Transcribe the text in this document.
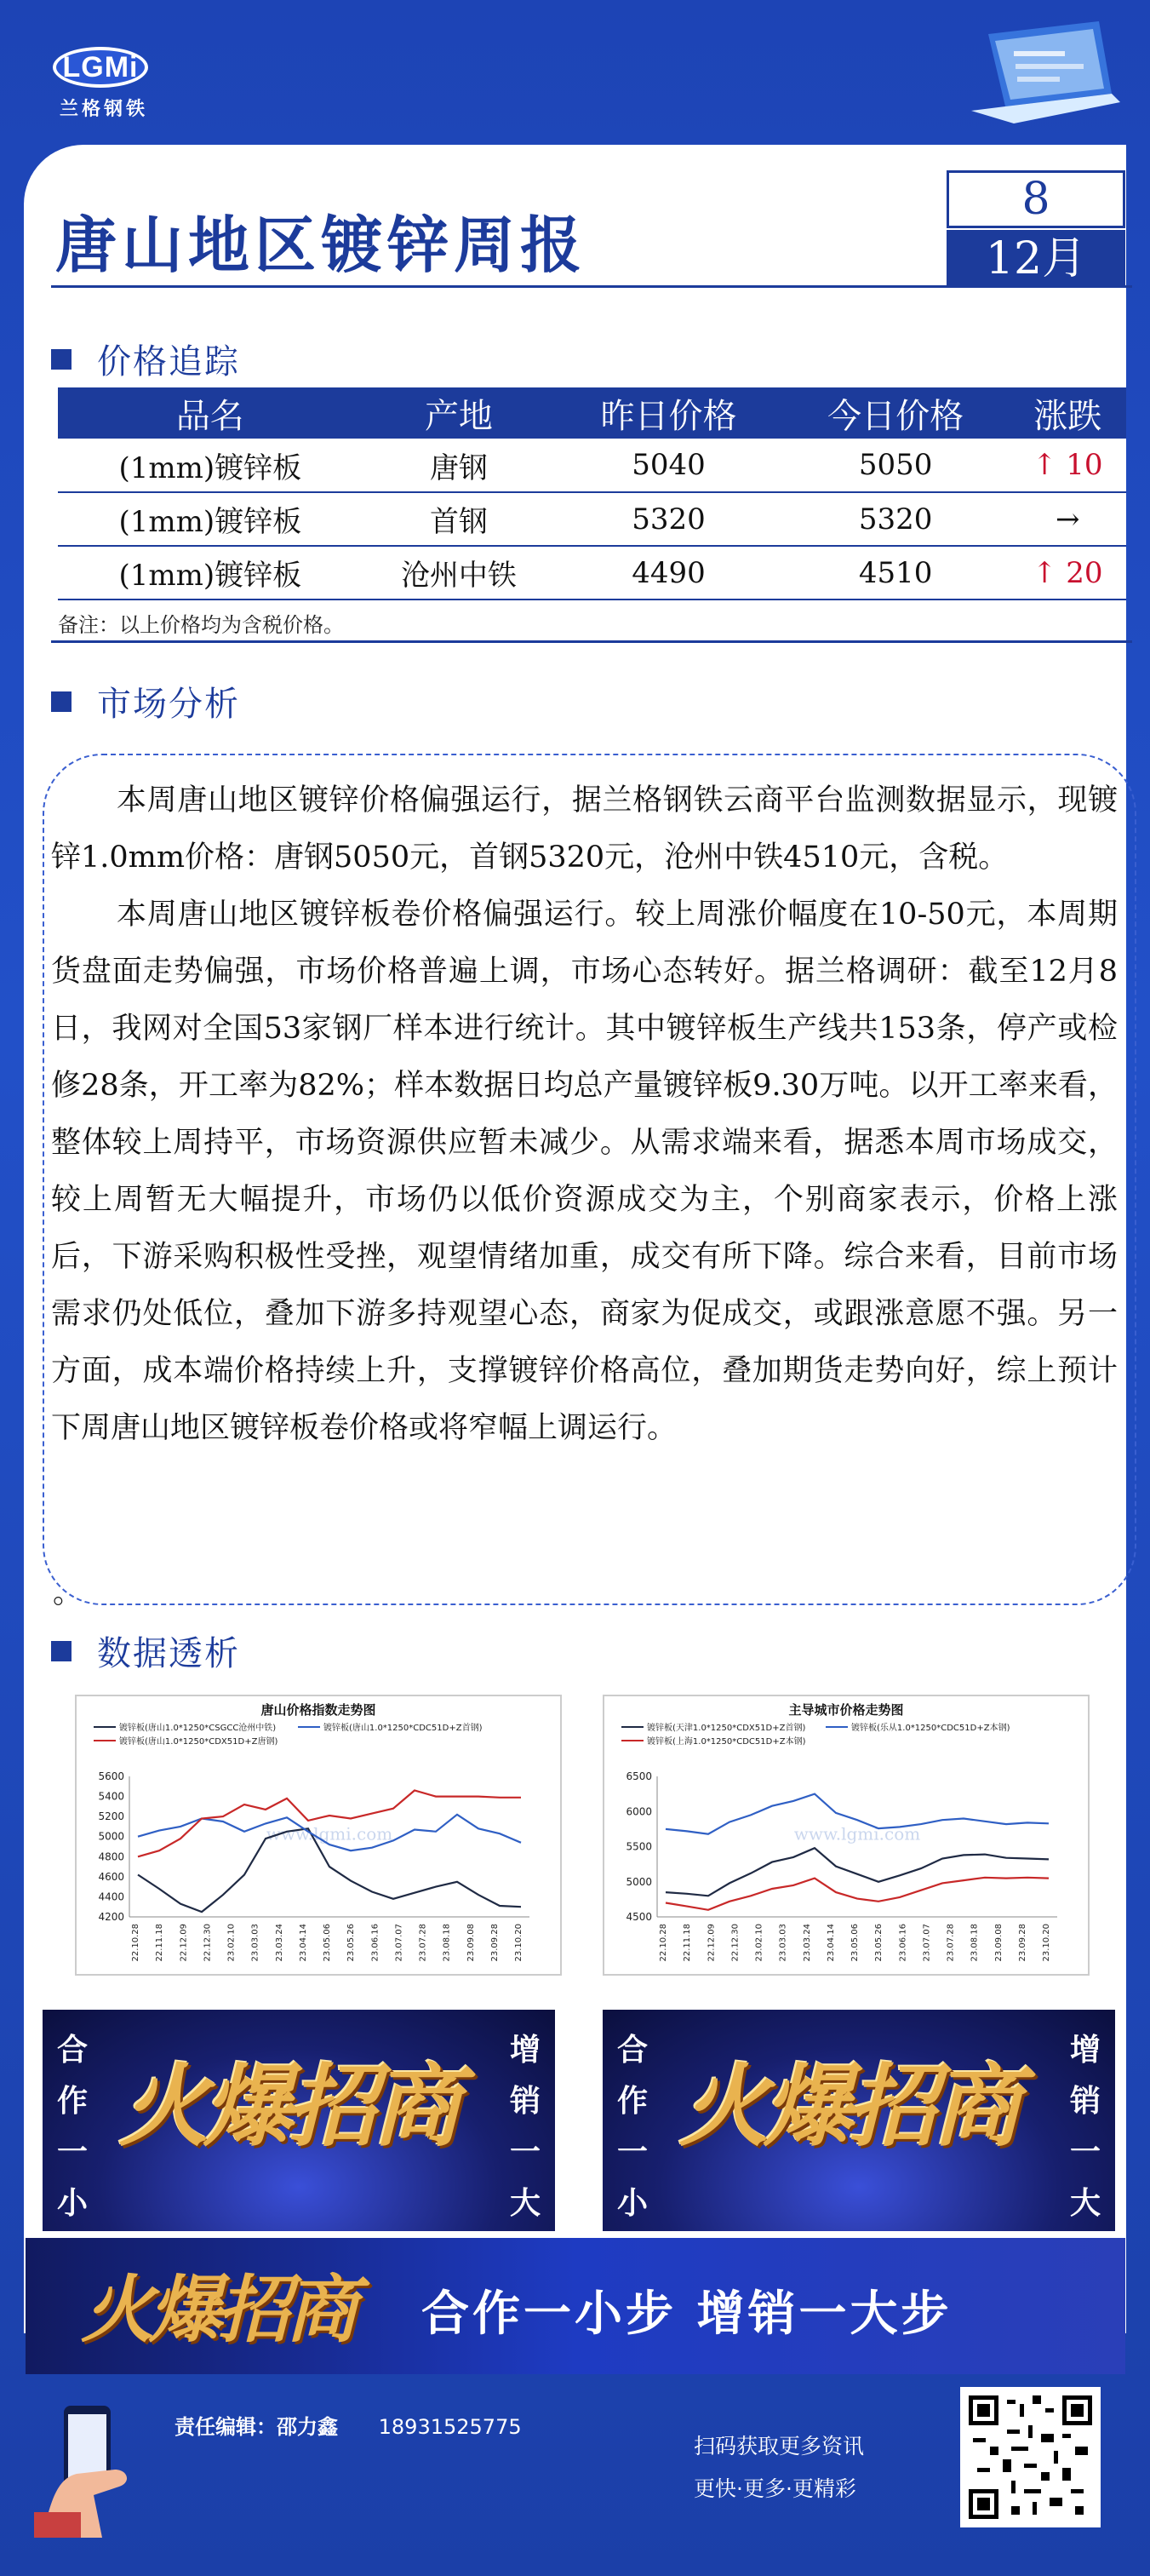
LGMi
兰格钢铁
唐山地区镀锌周报
8
12月
价格追踪
品名	产地	昨日价格	今日价格	涨跌
(1mm)镀锌板	唐钢	5040	5050	↑ 10
(1mm)镀锌板	首钢	5320	5320	→
(1mm)镀锌板	沧州中铁	4490	4510	↑ 20
备注：以上价格均为含税价格。
市场分析

本周唐山地区镀锌价格偏强运行，据兰格钢铁云商平台监测数据显示，现镀锌1.0mm价格：唐钢5050元，首钢5320元，沧州中铁4510元，含税。

本周唐山地区镀锌板卷价格偏强运行。较上周涨价幅度在10-50元，本周期货盘面走势偏强，市场价格普遍上调，市场心态转好。据兰格调研：截至12月8日，我网对全国53家钢厂样本进行统计。其中镀锌板生产线共153条，停产或检修28条，开工率为82%；样本数据日均总产量镀锌板9.30万吨。以开工率来看，整体较上周持平，市场资源供应暂未减少。从需求端来看，据悉本周市场成交，较上周暂无大幅提升，市场仍以低价资源成交为主，个别商家表示，价格上涨后，下游采购积极性受挫，观望情绪加重，成交有所下降。综合来看，目前市场需求仍处低位，叠加下游多持观望心态，商家为促成交，或跟涨意愿不强。另一方面，成本端价格持续上升，支撑镀锌价格高位，叠加期货走势向好，综上预计下周唐山地区镀锌板卷价格或将窄幅上调运行。

。
数据透析
唐山价格指数走势图
镀锌板(唐山1.0*1250*CSGCC沧州中铁)	镀锌板(唐山1.0*1250*CDC51D+Z首钢)
镀锌板(唐山1.0*1250*CDX51D+Z唐钢)
5600
5400
5200
5000
4800
4600
4400
4200
22.10.28 22.11.18 22.12.09 22.12.30 23.02.10 23.03.03 23.03.24 23.04.14 23.05.06 23.05.26 23.06.16 23.07.07 23.07.28 23.08.18 23.09.08 23.09.28 23.10.20
www.lgmi.com
主导城市价格走势图
镀锌板(天津1.0*1250*CDX51D+Z首钢)	镀锌板(乐从1.0*1250*CDC51D+Z本钢)
镀锌板(上海1.0*1250*CDC51D+Z本钢)
6500
6000
5500
5000
4500
22.10.28 22.11.18 22.12.09 22.12.30 23.02.10 23.03.03 23.03.24 23.04.14 23.05.06 23.05.26 23.06.16 23.07.07 23.07.28 23.08.18 23.09.08 23.09.28 23.10.20
www.lgmi.com
合
作
一
小
火爆招商
增
销
一
大
合
作
一
小
火爆招商
增
销
一
大
火爆招商 合作一小步 增销一大步
责任编辑：邵力鑫 18931525775
扫码获取更多资讯
更快·更多·更精彩
